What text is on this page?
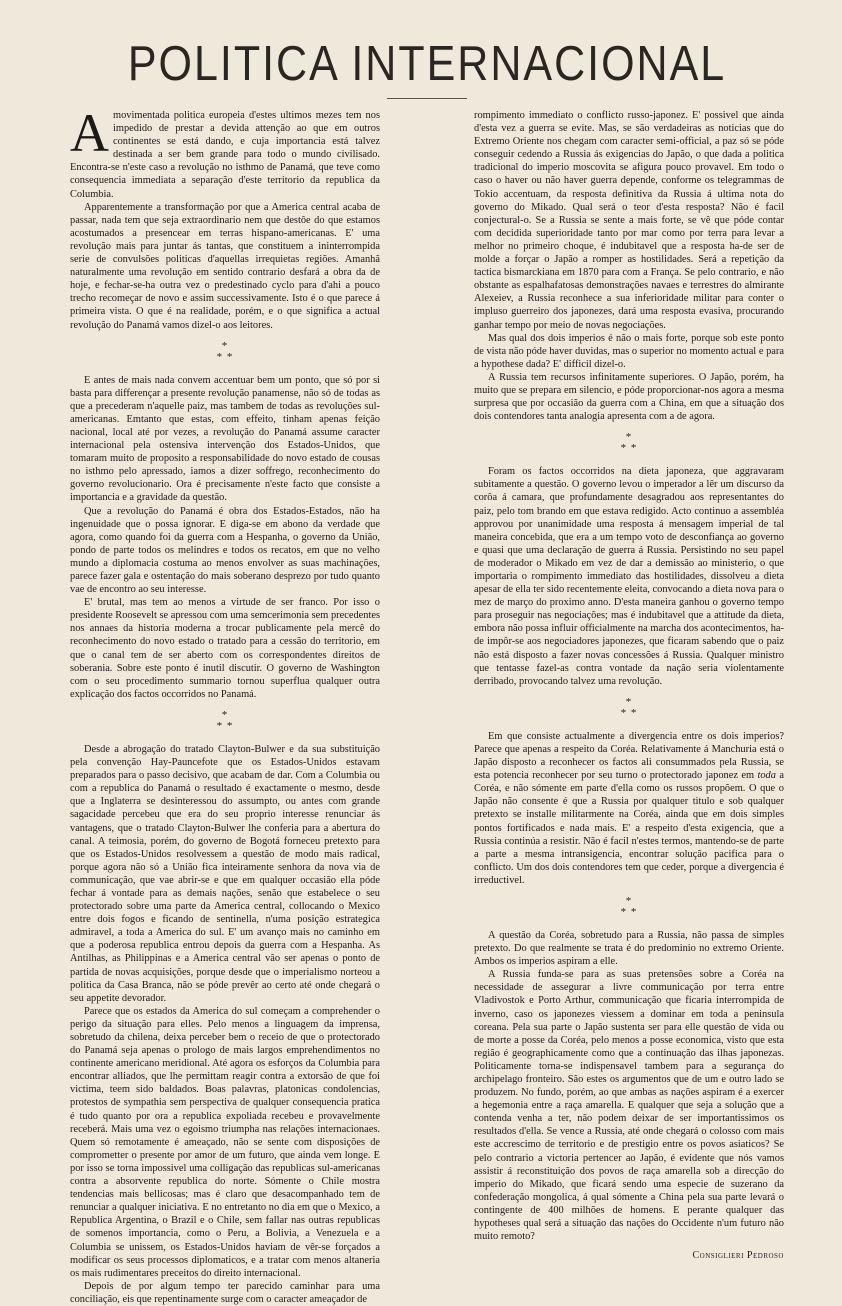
POLITICA INTERNACIONAL

Amovimentada politica europeia d'estes ultimos mezes tem nos impedido de prestar a devida attenção ao que em outros continentes se está dando, e cuja importancia está talvez destinada a ser bem grande para todo o mundo civilisado. Encontra-se n'este caso a revolução no isthmo de Panamá, que teve como consequencia immediata a separação d'este territorio da republica da Columbia.

Apparentemente a transformação por que a America central acaba de passar, nada tem que seja extraordinario nem que destôe do que estamos acostumados a presencear em terras hispano-americanas. E' uma revolução mais para juntar ás tantas, que constituem a ininterrompida serie de convulsões politicas d'aquellas irrequietas regiões. Amanhã naturalmente uma revolução em sentido contrario desfará a obra da de hoje, e fechar-se-ha outra vez o predestinado cyclo para d'ahi a pouco trecho recomeçar de novo e assim successivamente. Isto é o que parece á primeira vista. O que é na realidade, porém, e o que significa a actual revolução do Panamá vamos dizel-o aos leitores.

*
* *

E antes de mais nada convem accentuar bem um ponto, que só por si basta para differençar a presente revolução panamense, não só de todas as que a precederam n'aquelle paiz, mas tambem de todas as revoluções sul-americanas. Emtanto que estas, com effeito, tinham apenas feição nacional, local até por vezes, a revolução do Panamá assume caracter internacional pela ostensiva intervenção dos Estados-Unidos, que tomaram muito de proposito a responsabilidade do novo estado de cousas no isthmo pelo apressado, iamos a dizer soffrego, reconhecimento do governo revolucionario. Ora é precisamente n'este facto que consiste a importancia e a gravidade da questão.

Que a revolução do Panamá é obra dos Estados-Estados, não ha ingenuidade que o possa ignorar. E diga-se em abono da verdade que agora, como quando foi da guerra com a Hespanha, o governo da União, pondo de parte todos os melindres e todos os recatos, em que no velho mundo a diplomacia costuma ao menos envolver as suas machinações, parece fazer gala e ostentação do mais soberano desprezo por tudo quanto vae de encontro ao seu interesse.

E' brutal, mas tem ao menos a virtude de ser franco. Por isso o presidente Roosevelt se apressou com uma semcerimonia sem precedentes nos annaes da historia moderna a trocar publicamente pela mercê do reconhecimento do novo estado o tratado para a cessão do territorio, em que o canal tem de ser aberto com os correspondentes direitos de soberania. Sobre este ponto é inutil discutir. O governo de Washington com o seu procedimento summario tornou superflua qualquer outra explicação dos factos occorridos no Panamá.

*
* *

Desde a abrogação do tratado Clayton-Bulwer e da sua substituição pela convenção Hay-Pauncefote que os Estados-Unidos estavam preparados para o passo decisivo, que acabam de dar. Com a Columbia ou com a republica do Panamá o resultado é exactamente o mesmo, desde que a Inglaterra se desinteressou do assumpto, ou antes com grande sagacidade percebeu que era do seu proprio interesse renunciar ás vantagens, que o tratado Clayton-Bulwer lhe conferia para a abertura do canal. A teimosia, porém, do governo de Bogotá forneceu pretexto para que os Estados-Unidos resolvessem a questão de modo mais radical, porque agora não só a União fica inteiramente senhora da nova via de communicação, que vae abrir-se e que em qualquer occasião ella póde fechar á vontade para as demais nações, senão que estabelece o seu protectorado sobre uma parte da America central, collocando o Mexico entre dois fogos e ficando de sentinella, n'uma posição estrategica admiravel, a toda a America do sul. E' um avanço mais no caminho em que a poderosa republica entrou depois da guerra com a Hespanha. As Antilhas, as Philippinas e a America central vão ser apenas o ponto de partida de novas acquisições, porque desde que o imperialismo norteou a politica da Casa Branca, não se póde prevêr ao certo até onde chegará o seu appetite devorador.

Parece que os estados da America do sul começam a comprehender o perigo da situação para elles. Pelo menos a linguagem da imprensa, sobretudo da chilena, deixa perceber bem o receio de que o protectorado do Panamá seja apenas o prologo de mais largos emprehendimentos no continente americano meridional. Até agora os esforços da Columbia para encontrar alliados, que lhe permittam reagir contra a extorsão de que foi victima, teem sido baldados. Boas palavras, platonicas condolencias, protestos de sympathia sem perspectiva de qualquer consequencia pratica é tudo quanto por ora a republica expoliada recebeu e provavelmente receberá. Mais uma vez o egoismo triumpha nas relações internacionaes. Quem só remotamente é ameaçado, não se sente com disposições de comprometter o presente por amor de um futuro, que ainda vem longe. E por isso se torna impossivel uma colligação das republicas sul-americanas contra a absorvente republica do norte. Sómente o Chile mostra tendencias mais bellicosas; mas é claro que desacompanhado tem de renunciar a qualquer iniciativa. E no entretanto no dia em que o Mexico, a Republica Argentina, o Brazil e o Chile, sem fallar nas outras republicas de somenos importancia, como o Peru, a Bolivia, a Venezuela e a Columbia se unissem, os Estados-Unidos haviam de vêr-se forçados a modificar os seus processos diplomaticos, e a tratar com menos altaneria os mais rudimentares preceitos do direito internacional.

Depois de por algum tempo ter parecido caminhar para uma conciliação, eis que repentinamente surge com o caracter ameaçador de

rompimento immediato o conflicto russo-japonez. E' possivel que ainda d'esta vez a guerra se evite. Mas, se são verdadeiras as noticias que do Extremo Oriente nos chegam com caracter semi-official, a paz só se póde conseguir cedendo a Russia ás exigencias do Japão, o que dada a politica tradicional do imperio moscovita se afigura pouco provavel. Em todo o caso o haver ou não haver guerra depende, conforme os telegrammas de Tokio accentuam, da resposta definitiva da Russia á ultima nota do governo do Mikado. Qual será o teor d'esta resposta? Não é facil conjectural-o. Se a Russia se sente a mais forte, se vê que póde contar com decidida superioridade tanto por mar como por terra para levar a melhor no primeiro choque, é indubitavel que a resposta ha-de ser de molde a forçar o Japão a romper as hostilidades. Será a repetição da tactica bismarckiana em 1870 para com a França. Se pelo contrario, e não obstante as espalhafatosas demonstrações navaes e terrestres do almirante Alexeiev, a Russia reconhece a sua inferioridade militar para conter o impluso guerreiro dos japonezes, dará uma resposta evasiva, procurando ganhar tempo por meio de novas negociações.

Mas qual dos dois imperios é não o mais forte, porque sob este ponto de vista não póde haver duvidas, mas o superior no momento actual e para a hypothese dada? E' difficil dizel-o.

A Russia tem recursos infinitamente superiores. O Japão, porém, ha muito que se prepara em silencio, e póde proporcionar-nos agora a mesma surpresa que por occasião da guerra com a China, em que a situação dos dois contendores tanta analogia apresenta com a de agora.

*
* *

Foram os factos occorridos na dieta japoneza, que aggravaram subitamente a questão. O governo levou o imperador a lêr um discurso da corôa á camara, que profundamente desagradou aos representantes do paiz, pelo tom brando em que estava redigido. Acto continuo a assembléa approvou por unanimidade uma resposta á mensagem imperial de tal maneira concebida, que era a um tempo voto de desconfiança ao governo e quasi que uma declaração de guerra á Russia. Persistindo no seu papel de moderador o Mikado em vez de dar a demissão ao ministerio, o que importaria o rompimento immediato das hostilidades, dissolveu a dieta apesar de ella ter sido recentemente eleita, convocando a dieta nova para o mez de março do proximo anno. D'esta maneira ganhou o governo tempo para proseguir nas negociações; mas é indubitavel que a attitude da dieta, embora não possa influir officialmente na marcha dos acontecimentos, ha-de impôr-se aos negociadores japonezes, que ficaram sabendo que o paiz não está disposto a fazer novas concessões á Russia. Qualquer ministro que tentasse fazel-as contra vontade da nação seria violentamente derribado, provocando talvez uma revolução.

*
* *

Em que consiste actualmente a divergencia entre os dois imperios? Parece que apenas a respeito da Coréa. Relativamente á Manchuria está o Japão disposto a reconhecer os factos ali consummados pela Russia, se esta potencia reconhecer por seu turno o protectorado japonez em toda a Coréa, e não sómente em parte d'ella como os russos propõem. O que o Japão não consente é que a Russia por qualquer titulo e sob qualquer pretexto se installe militarmente na Coréa, ainda que em dois simples pontos fortificados e nada mais. E' a respeito d'esta exigencia, que a Russia continúa a resistir. Não é facil n'estes termos, mantendo-se de parte a parte a mesma intransigencia, encontrar solução pacifica para o conflicto. Um dos dois contendores tem que ceder, porque a divergencia é irreductivel.

*
* *

A questão da Coréa, sobretudo para a Russia, não passa de simples pretexto. Do que realmente se trata é do predominio no extremo Oriente. Ambos os imperios aspiram a elle.

A Russia funda-se para as suas pretensões sobre a Coréa na necessidade de assegurar a livre communicação por terra entre Vladivostok e Porto Arthur, communicação que ficaria interrompida de inverno, caso os japonezes viessem a dominar em toda a peninsula coreana. Pela sua parte o Japão sustenta ser para elle questão de vida ou de morte a posse da Coréa, pelo menos a posse economica, visto que esta região é geographicamente como que a continuação das ilhas japonezas. Politicamente torna-se indispensavel tambem para a segurança do archipelago fronteiro. São estes os argumentos que de um e outro lado se produzem. No fundo, porém, ao que ambas as nações aspiram é a exercer a hegemonia entre a raça amarella. E qualquer que seja a solução que a contenda venha a ter, não podem deixar de ser importantissimos os resultados d'ella. Se vence a Russia, até onde chegará o colosso com mais este accrescimo de territorio e de prestigio entre os povos asiaticos? Se pelo contrario a victoria pertencer ao Japão, é evidente que nós vamos assistir á reconstituição dos povos de raça amarella sob a direcção do imperio do Mikado, que ficará sendo uma especie de suzerano da confederação mongolica, á qual sómente a China pela sua parte levará o contingente de 400 milhões de homens. E perante qualquer das hypotheses qual será a situação das nações do Occidente n'um futuro não muito remoto?

Consiglieri Pedroso
